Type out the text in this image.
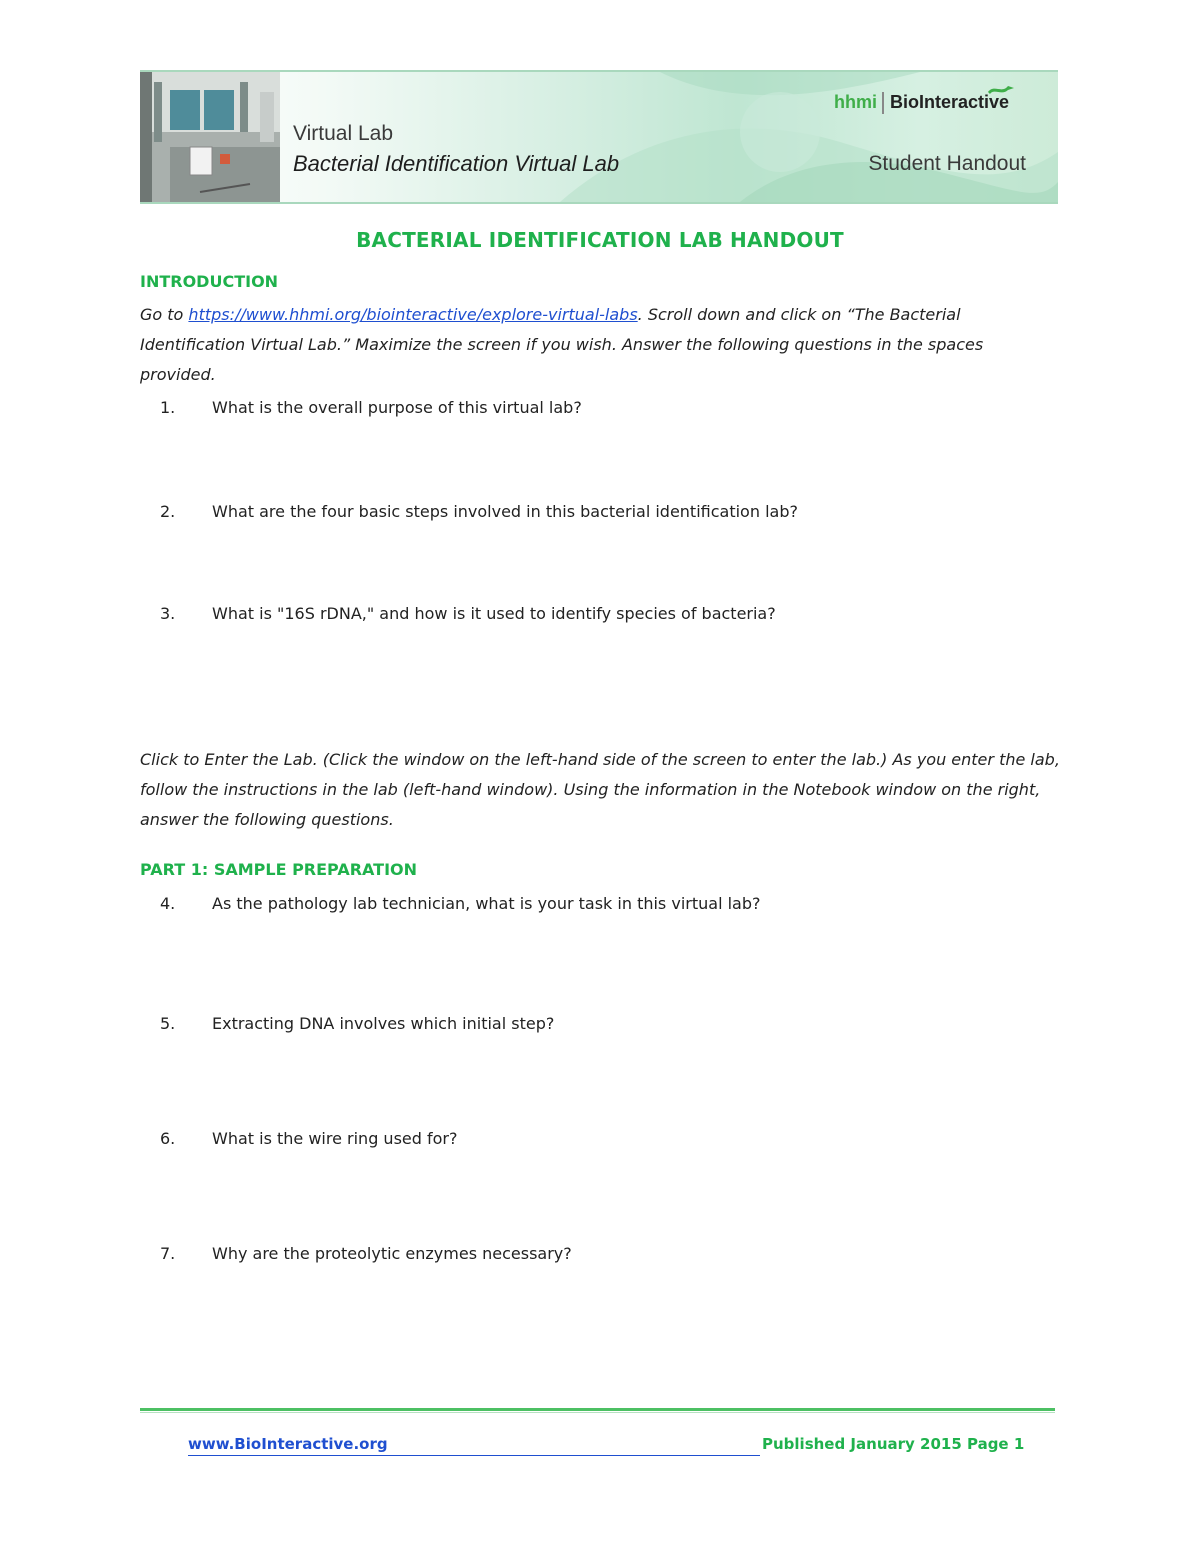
Virtual Lab
Bacterial Identification Virtual Lab	Student Handout
hhmi BioInteractive
BACTERIAL IDENTIFICATION LAB HANDOUT
INTRODUCTION
Go to https://www.hhmi.org/biointeractive/explore-virtual-labs. Scroll down and click on “The Bacterial Identification Virtual Lab.” Maximize the screen if you wish. Answer the following questions in the spaces provided.
1.	What is the overall purpose of this virtual lab?
2.	What are the four basic steps involved in this bacterial identification lab?
3.	What is "16S rDNA," and how is it used to identify species of bacteria?
Click to Enter the Lab. (Click the window on the left-hand side of the screen to enter the lab.) As you enter the lab, follow the instructions in the lab (left-hand window). Using the information in the Notebook window on the right, answer the following questions.
PART 1: SAMPLE PREPARATION
4.	As the pathology lab technician, what is your task in this virtual lab?
5.	Extracting DNA involves which initial step?
6.	What is the wire ring used for?
7.	Why are the proteolytic enzymes necessary?
www.BioInteractive.org	Published January 2015 Page 1
